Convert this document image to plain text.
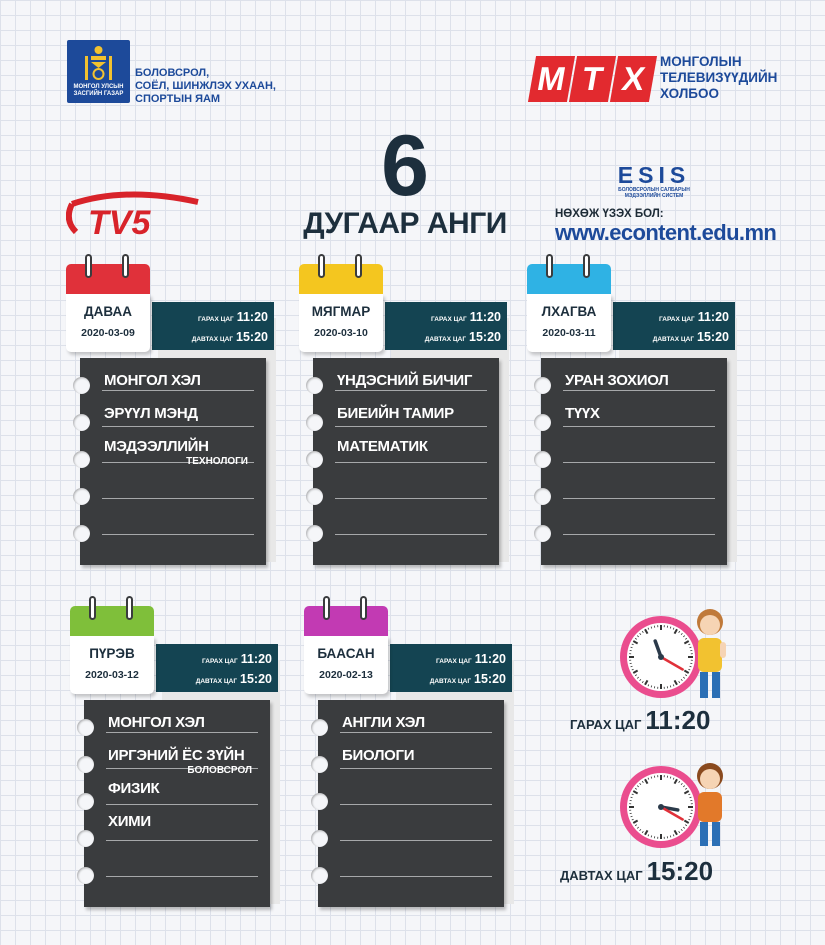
МОНГОЛ УЛСЫН ЗАСГИЙН ГАЗАР
БОЛОВСРОЛ,
СОЁЛ, ШИНЖЛЭХ УХААН,
СПОРТЫН ЯАМ
М Т Х МОНГОЛЫН
ТЕЛЕВИЗҮҮДИЙН
ХОЛБОО
TV5
6
ДУГААР АНГИ
ESIS
БОЛОВСРОЛЫН САЛБАРЫН МЭДЭЭЛЛИЙН СИСТЕМ
НӨХӨЖ ҮЗЭХ БОЛ:
www.econtent.edu.mn
ГАРАХ ЦАГ 11:20
ДАВТАХ ЦАГ 15:20
МОНГОЛ ХЭЛ
ЭРҮҮЛ МЭНД
МЭДЭЭЛЛИЙН
ТЕХНОЛОГИ
ДАВАА
2020-03-09
ГАРАХ ЦАГ 11:20
ДАВТАХ ЦАГ 15:20
ҮНДЭСНИЙ БИЧИГ
БИЕИЙН ТАМИР
МАТЕМАТИК
МЯГМАР
2020-03-10
ГАРАХ ЦАГ 11:20
ДАВТАХ ЦАГ 15:20
УРАН ЗОХИОЛ
ТҮҮХ
ЛХАГВА
2020-03-11
ГАРАХ ЦАГ 11:20
ДАВТАХ ЦАГ 15:20
МОНГОЛ ХЭЛ
ИРГЭНИЙ ЁС ЗҮЙН
БОЛОВСРОЛ
ФИЗИК
ХИМИ
ПҮРЭВ
2020-03-12
ГАРАХ ЦАГ 11:20
ДАВТАХ ЦАГ 15:20
АНГЛИ ХЭЛ
БИОЛОГИ
БААСАН
2020-02-13
ГАРАХ ЦАГ 11:20
ДАВТАХ ЦАГ 15:20
